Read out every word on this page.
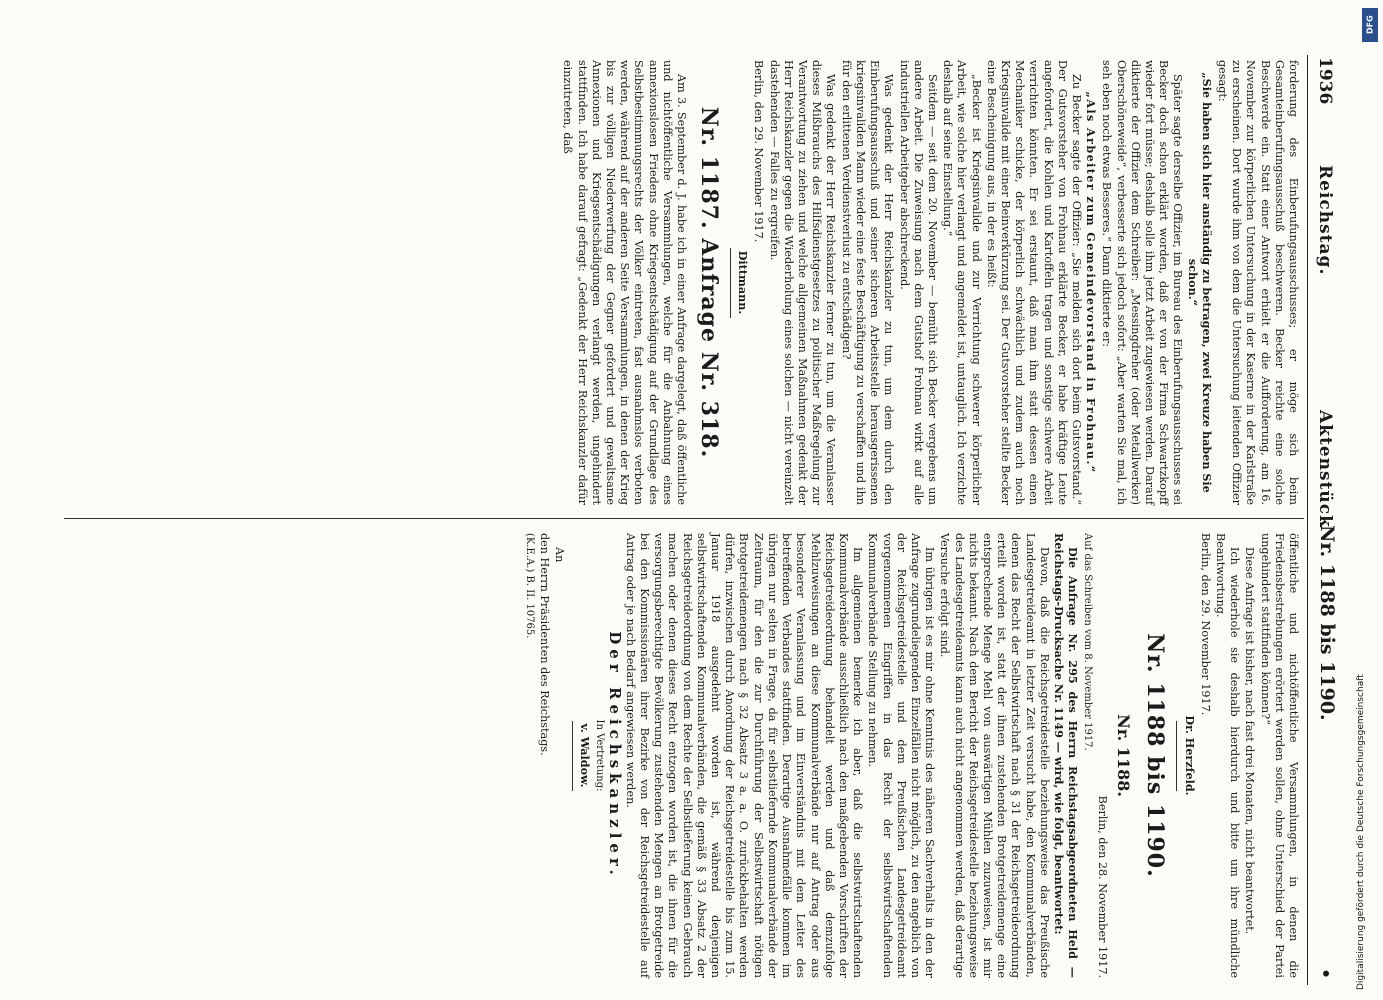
1936
Reichstag.
Aktenstück
Nr. 1188 bis 1190.
•

forderung des Einberufungsausschusses; er möge sich beim Gesamteinberufungsausschuß beschweren. Becker reichte eine solche Beschwerde ein. Statt einer Antwort erhielt er die Aufforderung, am 16. November zur körperlichen Untersuchung in der Kaserne in der Karlstraße zu erscheinen. Dort wurde ihm von dem die Untersuchung leitenden Offizier gesagt:

„Sie haben sich hier anständig zu betragen, zwei Kreuze haben Sie schon.“

Später sagte derselbe Offizier, im Bureau des Einberufungsausschusses sei Becker doch schon erklärt worden, daß er von der Firma Schwartzkopff wieder fort müsse; deshalb solle ihm jetzt Arbeit zugewiesen werden. Darauf diktierte der Offizier dem Schreiber: „Messingdreher (oder Metallwerker) Oberschöneweide“, verbesserte sich jedoch sofort: „Aber warten Sie mal, ich seh eben noch etwas Besseres.“ Dann diktierte er:

„Als Arbeiter zum Gemeindevorstand in Frohnau.“

Zu Becker sagte der Offizier: „Sie melden sich dort beim Gutsvorstand.“ Der Gutsvorsteher von Frohnau erklärte Becker, er habe kräftige Leute angefordert, die Kohlen und Kartoffeln tragen und sonstige schwere Arbeit verrichten könnten. Er sei erstaunt, daß man ihm statt dessen einen Mechaniker schicke, der körperlich schwächlich und zudem auch noch Kriegsinvalide mit einer Beinverkürzung sei. Der Gutsvorsteher stellte Becker eine Bescheinigung aus, in der es heißt:

„Becker ist Kriegsinvalide und zur Verrichtung schwerer körperlicher Arbeit, wie solche hier verlangt und angemeldet ist, untauglich. Ich verzichte deshalb auf seine Einstellung.“

Seitdem — seit dem 20. November — bemüht sich Becker vergebens um andere Arbeit. Die Zuweisung nach dem Gutshof Frohnau wirkt auf alle industriellen Arbeitgeber abschreckend.

Was gedenkt der Herr Reichskanzler zu tun, um dem durch den Einberufungsausschuß und seiner sicheren Arbeitsstelle herausgerissenen kriegsinvaliden Mann wieder eine feste Beschäftigung zu verschaffen und ihn für den erlittenen Verdienstverlust zu entschädigen?

Was gedenkt der Herr Reichskanzler ferner zu tun, um die Veranlasser dieses Mißbrauchs des Hilfsdienstgesetzes zu politischer Maßregelung zur Verantwortung zu ziehen und welche allgemeinen Maßnahmen gedenkt der Herr Reichskanzler gegen die Wiederholung eines solchen — nicht vereinzelt dastehenden — Falles zu ergreifen.

Berlin, den 29. November 1917.

Dittmann.

Nr. 1187. Anfrage Nr. 318.

Am 3. September d. J. habe ich in einer Anfrage dargelegt, daß öffentliche und nichtöffentliche Versammlungen, welche für die Anbahnung eines annexionslosen Friedens ohne Kriegsentschädigung auf der Grundlage des Selbstbestimmungsrechts der Völker eintreten, fast ausnahmslos verboten werden, während auf der anderen Seite Versammlungen, in denen der Krieg bis zur völligen Niederwerfung der Gegner gefordert und gewaltsame Annexionen und Kriegsentschädigungen verlangt werden, ungehindert stattfinden. Ich habe darauf gefragt: „Gedenkt der Herr Reichskanzler dafür einzutreten, daß

öffentliche und nichtöffentliche Versammlungen, in denen die Friedensbestrebungen erörtert werden sollen, ohne Unterschied der Partei ungehindert stattfinden können?“

Diese Anfrage ist bisher, nach fast drei Monaten, nicht beantwortet.

Ich wiederhole sie deshalb hierdurch und bitte um ihre mündliche Beantwortung.

Berlin, den 29. November 1917.

Dr. Herzfeld.

Nr. 1188 bis 1190.
Nr. 1188.

Berlin, den 28. November 1917.

Auf das Schreiben vom 8. November 1917.

Die Anfrage Nr. 295 des Herrn Reichstagsabgeordneten Held — Reichstags-Drucksache Nr. 1149 — wird, wie folgt, beantwortet:

Davon, daß die Reichsgetreidestelle beziehungsweise das Preußische Landesgetreideamt in letzter Zeit versucht habe, den Kommunalverbänden, denen das Recht der Selbstwirtschaft nach § 31 der Reichsgetreideordnung erteilt worden ist, statt der ihnen zustehenden Brotgetreidemenge eine entsprechende Menge Mehl von auswärtigen Mühlen zuzuweisen, ist mir nichts bekannt. Nach dem Bericht der Reichsgetreidestelle beziehungsweise des Landesgetreideamts kann auch nicht angenommen werden, daß derartige Versuche erfolgt sind.

Im übrigen ist es mir ohne Kenntnis des näheren Sachverhalts in den der Anfrage zugrundeliegenden Einzelfällen nicht möglich, zu den angeblich von der Reichsgetreidestelle und dem Preußischen Landesgetreideamt vorgenommenen Eingriffen in das Recht der selbstwirtschaftenden Kommunalverbände Stellung zu nehmen.

Im allgemeinen bemerke ich aber, daß die selbstwirtschaftenden Kommunalverbände ausschließlich nach den maßgebenden Vorschriften der Reichsgetreideordnung behandelt werden und daß demzufolge Mehlzuweisungen an diese Kommunalverbände nur auf Antrag oder aus besonderer Veranlassung und im Einverständnis mit dem Leiter des betreffenden Verbandes stattfinden. Derartige Ausnahmefälle kommen im übrigen nur selten in Frage, da für selbstliefernde Kommunalverbände der Zeitraum, für den die zur Durchführung der Selbstwirtschaft nötigen Brotgetreidemengen nach § 32 Absatz 3 a. a. O. zurückbehalten werden dürfen, inzwischen durch Anordnung der Reichsgetreidestelle bis zum 15. Januar 1918 ausgedehnt worden ist, während denjenigen selbstwirtschaftenden Kommunalverbänden, die gemäß § 33 Absatz 2 der Reichsgetreideordnung von dem Rechte der Selbstlieferung keinen Gebrauch machen oder denen dieses Recht entzogen worden ist, die ihnen für die versorgungsberechtigte Bevölkerung zustehenden Mengen an Brotgetreide bei den Kommissionären ihrer Bezirke von der Reichsgetreidestelle auf Antrag oder je nach Bedarf angewiesen werden.

Der Reichskanzler.

In Vertretung:

v. Waldow.

An

den Herrn Präsidenten des Reichstags.

(K.E.A.) B. II. 10765.

DFG
Digitalisierung gefördert durch die Deutsche Forschungsgemeinschaft
